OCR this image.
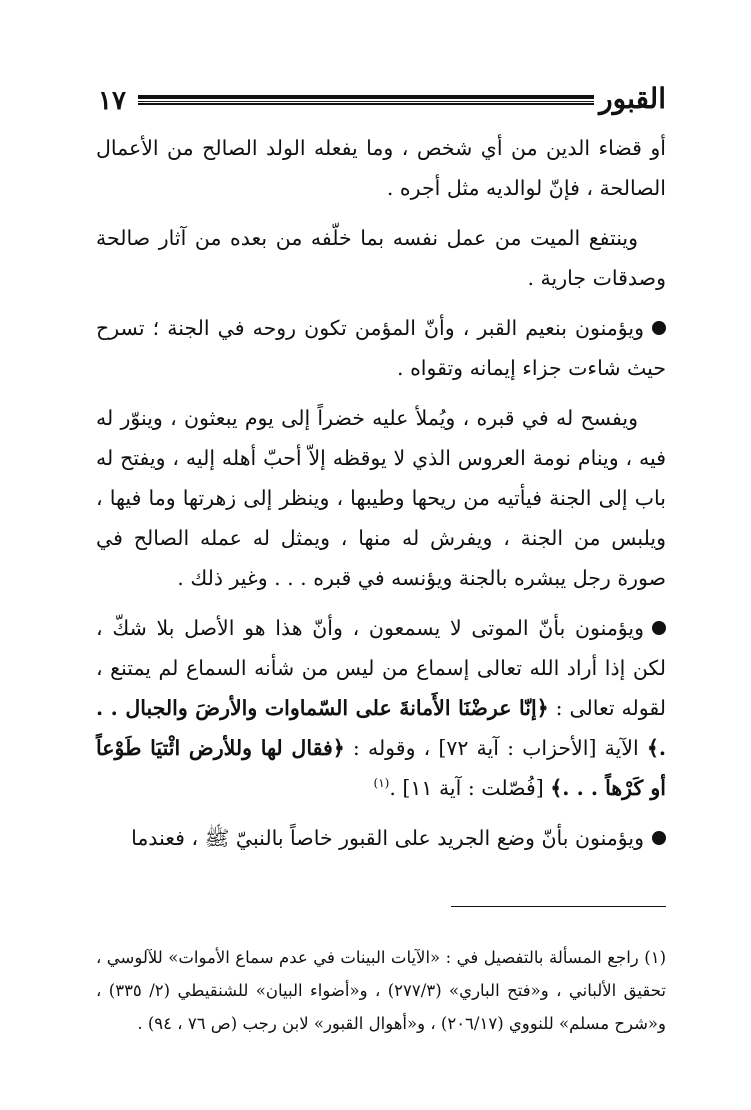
١٧	القبور

أو قضاء الدين من أي شخص ، وما يفعله الولد الصالح من الأعمال الصالحة ، فإنّ لوالديه مثل أجره .

وينتفع الميت من عمل نفسه بما خلّفه من بعده من آثار صالحة وصدقات جارية .

ويؤمنون بنعيم القبر ، وأنّ المؤمن تكون روحه في الجنة ؛ تسرح حيث شاءت جزاء إيمانه وتقواه .

ويفسح له في قبره ، ويُملأ عليه خضراً إلى يوم يبعثون ، وينوّر له فيه ، وينام نومة العروس الذي لا يوقظه إلاّ أحبّ أهله إليه ، ويفتح له باب إلى الجنة فيأتيه من ريحها وطيبها ، وينظر إلى زهرتها وما فيها ، ويلبس من الجنة ، ويفرش له منها ، ويمثل له عمله الصالح في صورة رجل يبشره بالجنة ويؤنسه في قبره . . . وغير ذلك .

ويؤمنون بأنّ الموتى لا يسمعون ، وأنّ هذا هو الأصل بلا شكّ ، لكن إذا أراد الله تعالى إسماع من ليس من شأنه السماع لم يمتنع ، لقوله تعالى : ﴿إنّا عرضْنَا الأَمانةَ على السّماوات والأرضَ والجبال . . .﴾ الآية [الأحزاب : آية ٧٢] ، وقوله : ﴿فقال لها وللأرض ائْتيَا طَوْعاً أو كَرْهاً . . .﴾ [فُصّلت : آية ١١] .$^{(١)}$

ويؤمنون بأنّ وضع الجريد على القبور خاصاً بالنبيّ ﷺ ، فعندما

(١) راجع المسألة بالتفصيل في : «الآيات البينات في عدم سماع الأموات» للآلوسي ، تحقيق الألباني ، و«فتح الباري» (٢٧٧/٣) ، و«أضواء البيان» للشنقيطي (٢/ ٣٣٥) ، و«شرح مسلم» للنووي (٢٠٦/١٧) ، و«أهوال القبور» لابن رجب (ص ٧٦ ، ٩٤) .
